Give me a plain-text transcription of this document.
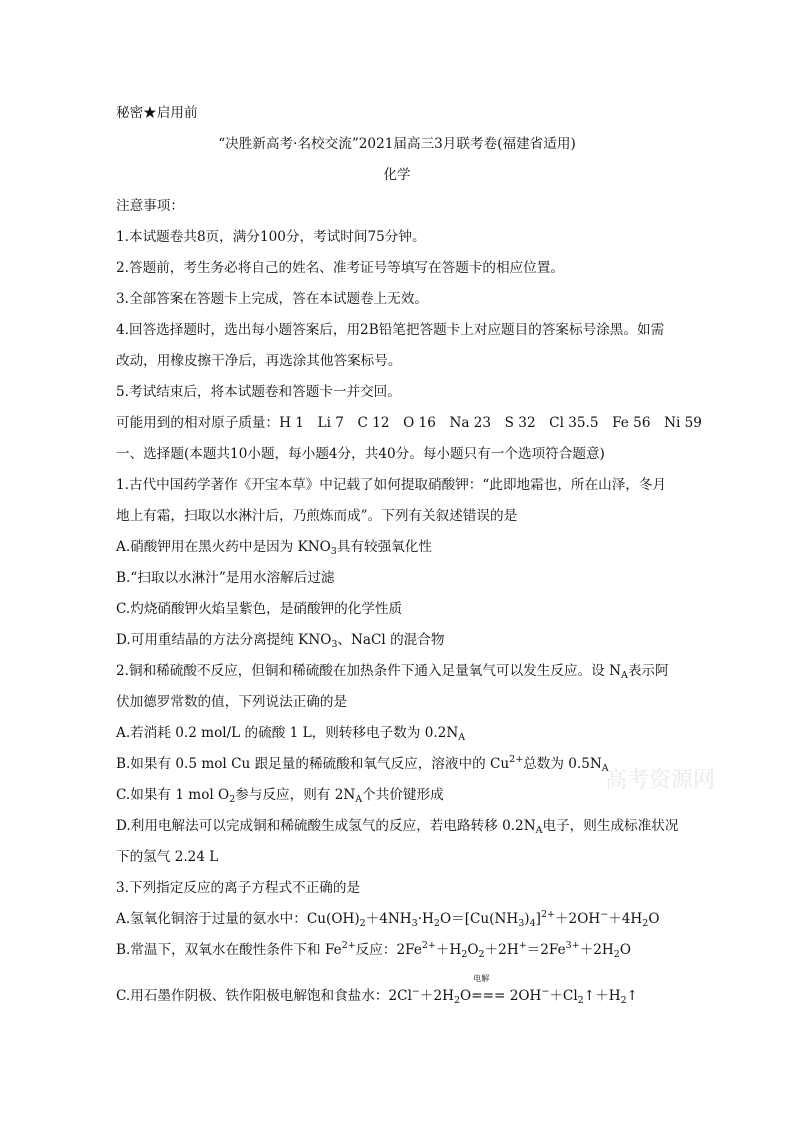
秘密★启用前
“决胜新高考·名校交流”2021届高三3月联考卷(福建省适用)
化学
注意事项：
1.本试题卷共8页，满分100分，考试时间75分钟。
2.答题前，考生务必将自己的姓名、准考证号等填写在答题卡的相应位置。
3.全部答案在答题卡上完成，答在本试题卷上无效。
4.回答选择题时，选出每小题答案后，用2B铅笔把答题卡上对应题目的答案标号涂黑。如需
改动，用橡皮擦干净后，再选涂其他答案标号。
5.考试结束后，将本试题卷和答题卡一并交回。
可能用到的相对原子质量：H 1　Li 7　C 12　O 16　Na 23　S 32　Cl 35.5　Fe 56　Ni 59
一、选择题(本题共10小题，每小题4分，共40分。每小题只有一个选项符合题意)
1.古代中国药学著作《开宝本草》中记载了如何提取硝酸钾：“此即地霜也，所在山泽，冬月
地上有霜，扫取以水淋汁后，乃煎炼而成”。下列有关叙述错误的是
A.硝酸钾用在黑火药中是因为 $KNO_3$具有较强氧化性
B.“扫取以水淋汁”是用水溶解后过滤
C.灼烧硝酸钾火焰呈紫色，是硝酸钾的化学性质
D.可用重结晶的方法分离提纯 $KNO_3$、NaCl 的混合物
2.铜和稀硫酸不反应，但铜和稀硫酸在加热条件下通入足量氧气可以发生反应。设 $N_A$表示阿
伏加德罗常数的值，下列说法正确的是
A.若消耗 0.2 mol/L 的硫酸 1 L，则转移电子数为 $0.2N_A$
B.如果有 0.5 mol Cu 跟足量的稀硫酸和氧气反应，溶液中的 $Cu^{2+}$总数为 $0.5N_A$
C.如果有 1 mol $O_2$参与反应，则有 $2N_A$个共价键形成
D.利用电解法可以完成铜和稀硫酸生成氢气的反应，若电路转移 $0.2N_A$电子，则生成标准状况
下的氢气 2.24 L
3.下列指定反应的离子方程式不正确的是
A.氢氧化铜溶于过量的氨水中：$Cu(OH)_2+4NH_3\cdot H_2O=[Cu(NH_3)_4]^{2+}+2OH^-+4H_2O$
B.常温下，双氧水在酸性条件下和 $Fe^{2+}$反应：$2Fe^{2+}+H_2O_2+2H^+=2Fe^{3+}+2H_2O$
C.用石墨作阴极、铁作阳极电解饱和食盐水：$2Cl^-+2H_2O$
电解
=== $2OH^-+Cl_2↑+H_2↑$
高考资源网
